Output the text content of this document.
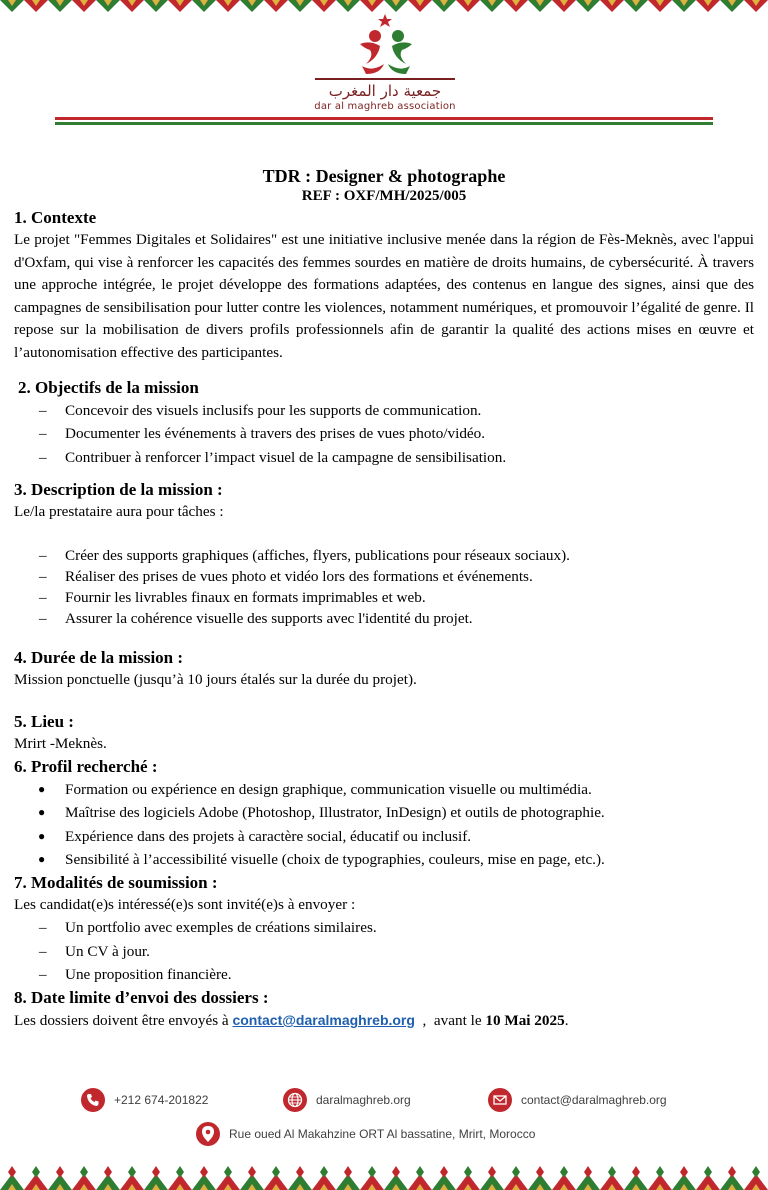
جمعية دار المغرب
dar al maghreb association
TDR : Designer & photographe
REF : OXF/MH/2025/005
1. Contexte

Le projet "Femmes Digitales et Solidaires" est une initiative inclusive menée dans la région de Fès-Meknès, avec l'appui d'Oxfam, qui vise à renforcer les capacités des femmes sourdes en matière de droits humains, de cybersécurité. À travers une approche intégrée, le projet développe des formations adaptées, des contenus en langue des signes, ainsi que des campagnes de sensibilisation pour lutter contre les violences, notamment numériques, et promouvoir l’égalité de genre. Il repose sur la mobilisation de divers profils professionnels afin de garantir la qualité des actions mises en œuvre et l’autonomisation effective des participantes.

2. Objectifs de la mission
– Concevoir des visuels inclusifs pour les supports de communication.
– Documenter les événements à travers des prises de vues photo/vidéo.
– Contribuer à renforcer l’impact visuel de la campagne de sensibilisation.
3. Description de la mission :

Le/la prestataire aura pour tâches :

– Créer des supports graphiques (affiches, flyers, publications pour réseaux sociaux).
– Réaliser des prises de vues photo et vidéo lors des formations et événements.
– Fournir les livrables finaux en formats imprimables et web.
– Assurer la cohérence visuelle des supports avec l'identité du projet.
4. Durée de la mission :

Mission ponctuelle (jusqu’à 10 jours étalés sur la durée du projet).

5. Lieu :

Mrirt -Meknès.

6. Profil recherché :
● Formation ou expérience en design graphique, communication visuelle ou multimédia.
● Maîtrise des logiciels Adobe (Photoshop, Illustrator, InDesign) et outils de photographie.
● Expérience dans des projets à caractère social, éducatif ou inclusif.
● Sensibilité à l’accessibilité visuelle (choix de typographies, couleurs, mise en page, etc.).
7. Modalités de soumission :

Les candidat(e)s intéressé(e)s sont invité(e)s à envoyer :

– Un portfolio avec exemples de créations similaires.
– Un CV à jour.
– Une proposition financière.
8. Date limite d’envoi des dossiers :

Les dossiers doivent être envoyés à contact@daralmaghreb.org  ,  avant le 10 Mai 2025.

+212 674-201822	daralmaghreb.org	contact@daralmaghreb.org
Rue oued Al Makahzine ORT Al bassatine, Mrirt, Morocco
